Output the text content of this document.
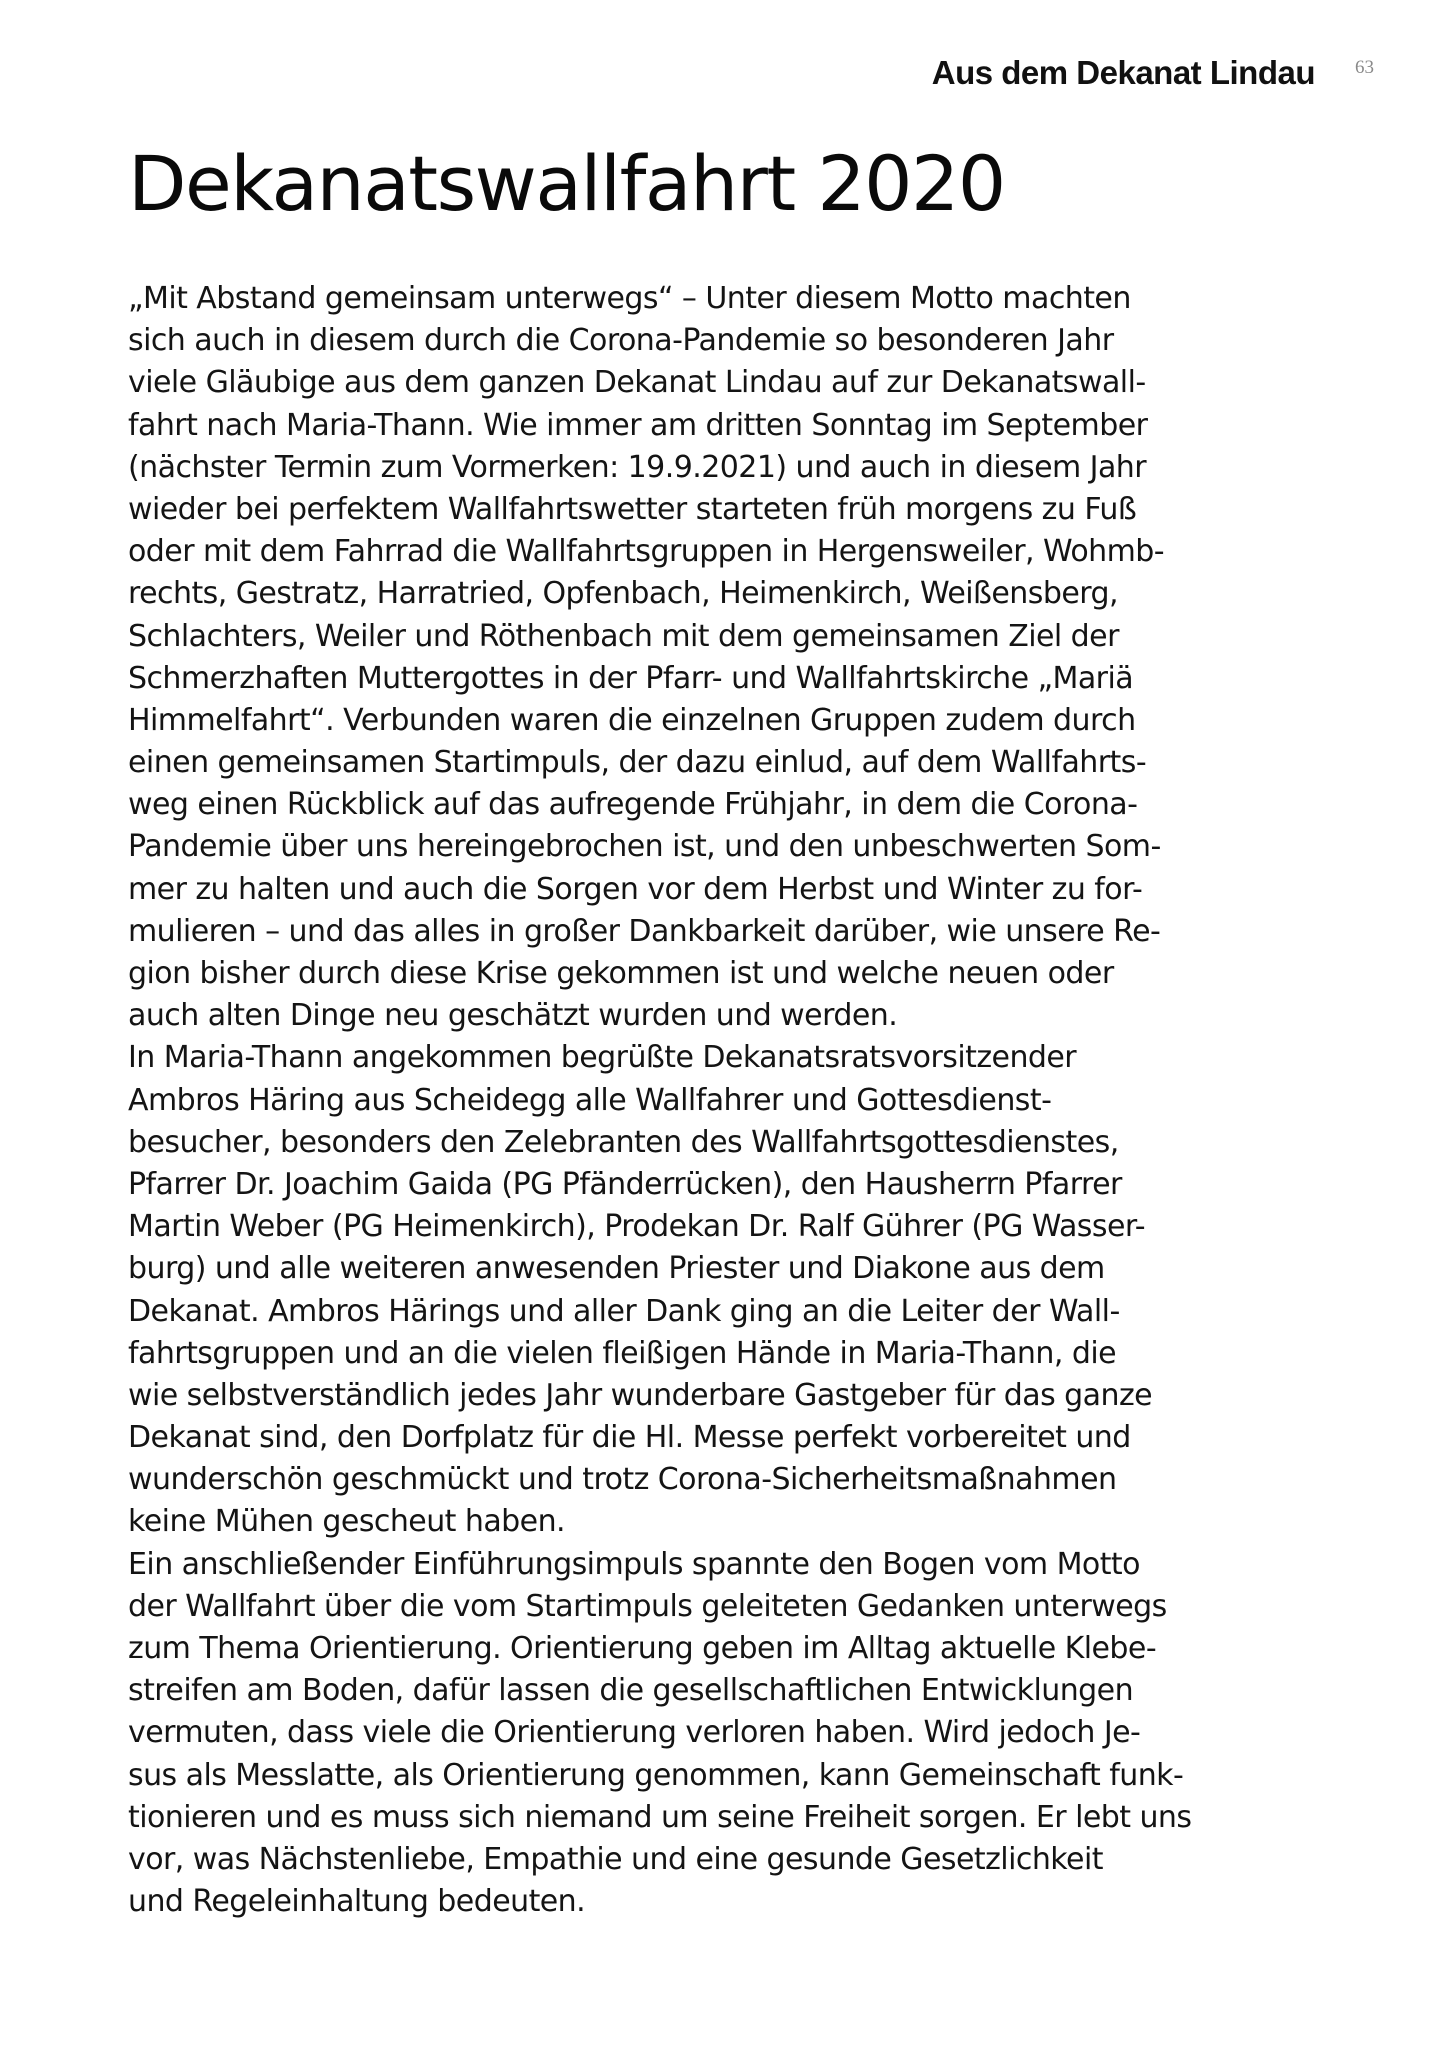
Aus dem Dekanat Lindau 63
Dekanatswallfahrt 2020
„Mit Abstand gemeinsam unterwegs“ – Unter diesem Motto machten
sich auch in diesem durch die Corona-Pandemie so besonderen Jahr
viele Gläubige aus dem ganzen Dekanat Lindau auf zur Dekanatswall-
fahrt nach Maria-Thann. Wie immer am dritten Sonntag im September
(nächster Termin zum Vormerken: 19.9.2021) und auch in diesem Jahr
wieder bei perfektem Wallfahrtswetter starteten früh morgens zu Fuß
oder mit dem Fahrrad die Wallfahrtsgruppen in Hergensweiler, Wohmb-
rechts, Gestratz, Harratried, Opfenbach, Heimenkirch, Weißensberg,
Schlachters, Weiler und Röthenbach mit dem gemeinsamen Ziel der
Schmerzhaften Muttergottes in der Pfarr- und Wallfahrtskirche „Mariä
Himmelfahrt“. Verbunden waren die einzelnen Gruppen zudem durch
einen gemeinsamen Startimpuls, der dazu einlud, auf dem Wallfahrts-
weg einen Rückblick auf das aufregende Frühjahr, in dem die Corona-
Pandemie über uns hereingebrochen ist, und den unbeschwerten Som-
mer zu halten und auch die Sorgen vor dem Herbst und Winter zu for-
mulieren – und das alles in großer Dankbarkeit darüber, wie unsere Re-
gion bisher durch diese Krise gekommen ist und welche neuen oder
auch alten Dinge neu geschätzt wurden und werden.
In Maria-Thann angekommen begrüßte Dekanatsratsvorsitzender
Ambros Häring aus Scheidegg alle Wallfahrer und Gottesdienst-
besucher, besonders den Zelebranten des Wallfahrtsgottesdienstes,
Pfarrer Dr. Joachim Gaida (PG Pfänderrücken), den Hausherrn Pfarrer
Martin Weber (PG Heimenkirch), Prodekan Dr. Ralf Gührer (PG Wasser-
burg) und alle weiteren anwesenden Priester und Diakone aus dem
Dekanat. Ambros Härings und aller Dank ging an die Leiter der Wall-
fahrtsgruppen und an die vielen fleißigen Hände in Maria-Thann, die
wie selbstverständlich jedes Jahr wunderbare Gastgeber für das ganze
Dekanat sind, den Dorfplatz für die Hl. Messe perfekt vorbereitet und
wunderschön geschmückt und trotz Corona-Sicherheitsmaßnahmen
keine Mühen gescheut haben.
Ein anschließender Einführungsimpuls spannte den Bogen vom Motto
der Wallfahrt über die vom Startimpuls geleiteten Gedanken unterwegs
zum Thema Orientierung. Orientierung geben im Alltag aktuelle Klebe-
streifen am Boden, dafür lassen die gesellschaftlichen Entwicklungen
vermuten, dass viele die Orientierung verloren haben. Wird jedoch Je-
sus als Messlatte, als Orientierung genommen, kann Gemeinschaft funk-
tionieren und es muss sich niemand um seine Freiheit sorgen. Er lebt uns
vor, was Nächstenliebe, Empathie und eine gesunde Gesetzlichkeit
und Regeleinhaltung bedeuten.
